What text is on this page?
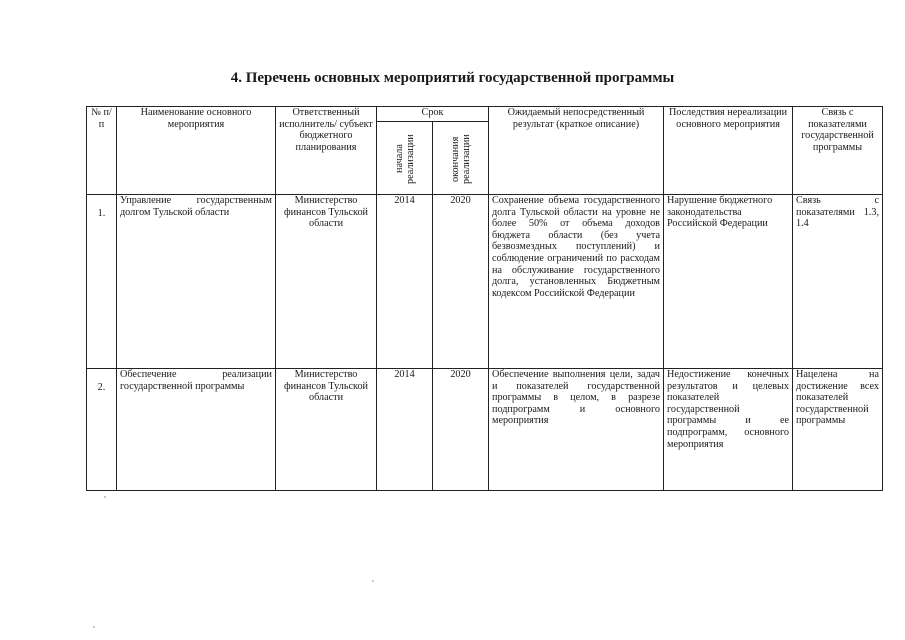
4. Перечень основных мероприятий государственной программы
№ п/п	Наименование основного мероприятия	Ответственный исполнитель/ субъект бюджетного планирования	Срок		Ожидаемый непосредственный результат (краткое описание)	Последствия нереализации основного мероприятия	Связь с показателями государственной программы

			начала реализации	окончания реализации			

1.	Управление государственным долгом Тульской области	Министерство финансов Тульской области	2014	2020	Сохранение объема государственного долга Тульской области на уровне не более 50% от объема доходов бюджета области (без учета безвозмездных поступлений) и соблюдение ограничений по расходам на обслуживание государственного долга, установленных Бюджетным кодексом Российской Федерации	Нарушение бюджетного законодательства Российской Федерации	Связь с показателями 1.3, 1.4
2.	Обеспечение реализации государственной программы	Министерство финансов Тульской области	2014	2020	Обеспечение выполнения цели, задач и показателей государственной программы в целом, в разрезе подпрограмм и основного мероприятия	Недостижение конечных результатов и целевых показателей государственной программы и ее подпрограмм, основного мероприятия	Нацелена на достижение всех показателей государственной программы
